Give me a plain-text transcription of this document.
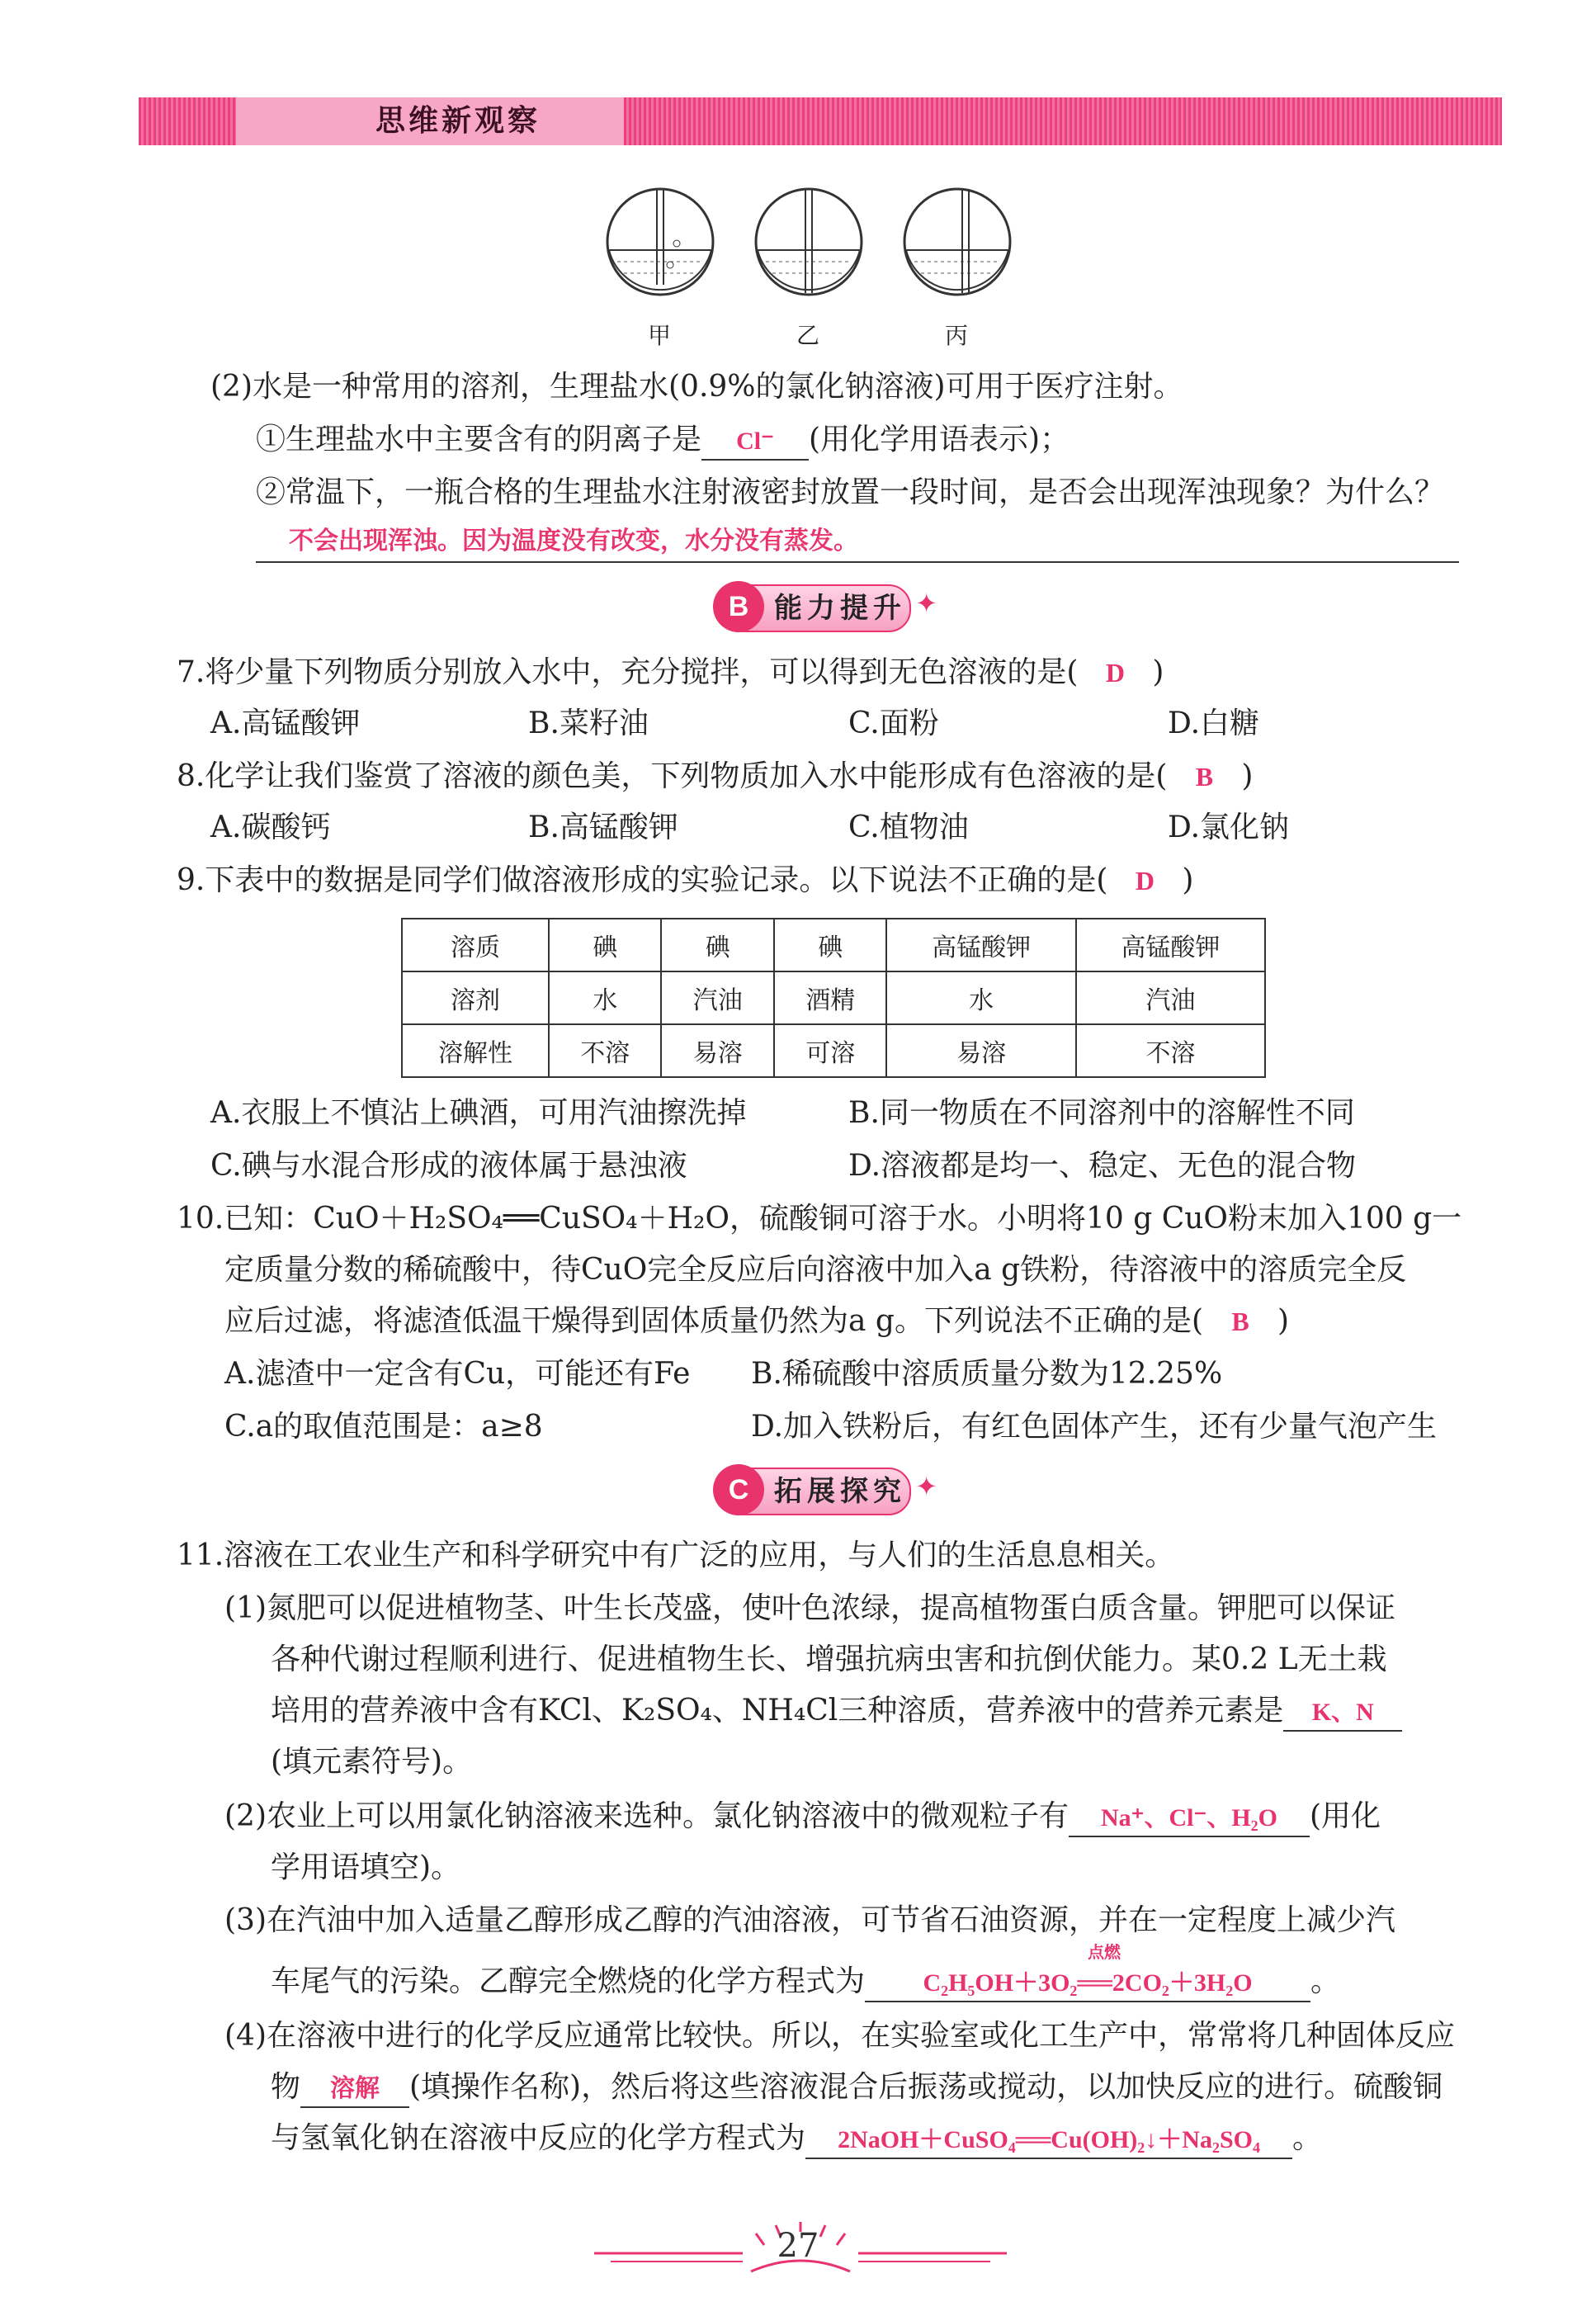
思维新观察
甲	乙	丙
(2)水是一种常用的溶剂，生理盐水(0.9%的氯化钠溶液)可用于医疗注射。
①生理盐水中主要含有的阴离子是 Cl⁻ (用化学用语表示)；
②常温下，一瓶合格的生理盐水注射液密封放置一段时间，是否会出现浑浊现象？为什么？
不会出现浑浊。因为温度没有改变，水分没有蒸发。
B 能力提升 ✦
7.将少量下列物质分别放入水中，充分搅拌，可以得到无色溶液的是( D )
A.高锰酸钾	B.菜籽油	C.面粉	D.白糖
8.化学让我们鉴赏了溶液的颜色美，下列物质加入水中能形成有色溶液的是( B )
A.碳酸钙	B.高锰酸钾	C.植物油	D.氯化钠
9.下表中的数据是同学们做溶液形成的实验记录。以下说法不正确的是( D )
溶质	碘	碘	碘	高锰酸钾	高锰酸钾
溶剂	水	汽油	酒精	水	汽油
溶解性	不溶	易溶	可溶	易溶	不溶
A.衣服上不慎沾上碘酒，可用汽油擦洗掉	B.同一物质在不同溶剂中的溶解性不同
C.碘与水混合形成的液体属于悬浊液	D.溶液都是均一、稳定、无色的混合物
10.已知：CuO＋H₂SO₄══CuSO₄＋H₂O，硫酸铜可溶于水。小明将10 g CuO粉末加入100 g一
定质量分数的稀硫酸中，待CuO完全反应后向溶液中加入a g铁粉，待溶液中的溶质完全反
应后过滤，将滤渣低温干燥得到固体质量仍然为a g。下列说法不正确的是( B )
A.滤渣中一定含有Cu，可能还有Fe B.稀硫酸中溶质质量分数为12.25%
C.a的取值范围是：a≥8	D.加入铁粉后，有红色固体产生，还有少量气泡产生
C 拓展探究 ✦
11.溶液在工农业生产和科学研究中有广泛的应用，与人们的生活息息相关。
(1)氮肥可以促进植物茎、叶生长茂盛，使叶色浓绿，提高植物蛋白质含量。钾肥可以保证
各种代谢过程顺利进行、促进植物生长、增强抗病虫害和抗倒伏能力。某0.2 L无土栽
培用的营养液中含有KCl、K₂SO₄、NH₄Cl三种溶质，营养液中的营养元素是 K、N
(填元素符号)。
(2)农业上可以用氯化钠溶液来选种。氯化钠溶液中的微观粒子有 Na⁺、Cl⁻、H₂O (用化
学用语填空)。
(3)在汽油中加入适量乙醇形成乙醇的汽油溶液，可节省石油资源，并在一定程度上减少汽
车尾气的污染。乙醇完全燃烧的化学方程式为 C₂H₅OH＋3O₂══2CO₂＋3H₂O
点燃
。
(4)在溶液中进行的化学反应通常比较快。所以，在实验室或化工生产中，常常将几种固体反应
物 溶解 (填操作名称)，然后将这些溶液混合后振荡或搅动，以加快反应的进行。硫酸铜
与氢氧化钠在溶液中反应的化学方程式为 2NaOH＋CuSO₄══Cu(OH)₂↓＋Na₂SO₄ 。
27
